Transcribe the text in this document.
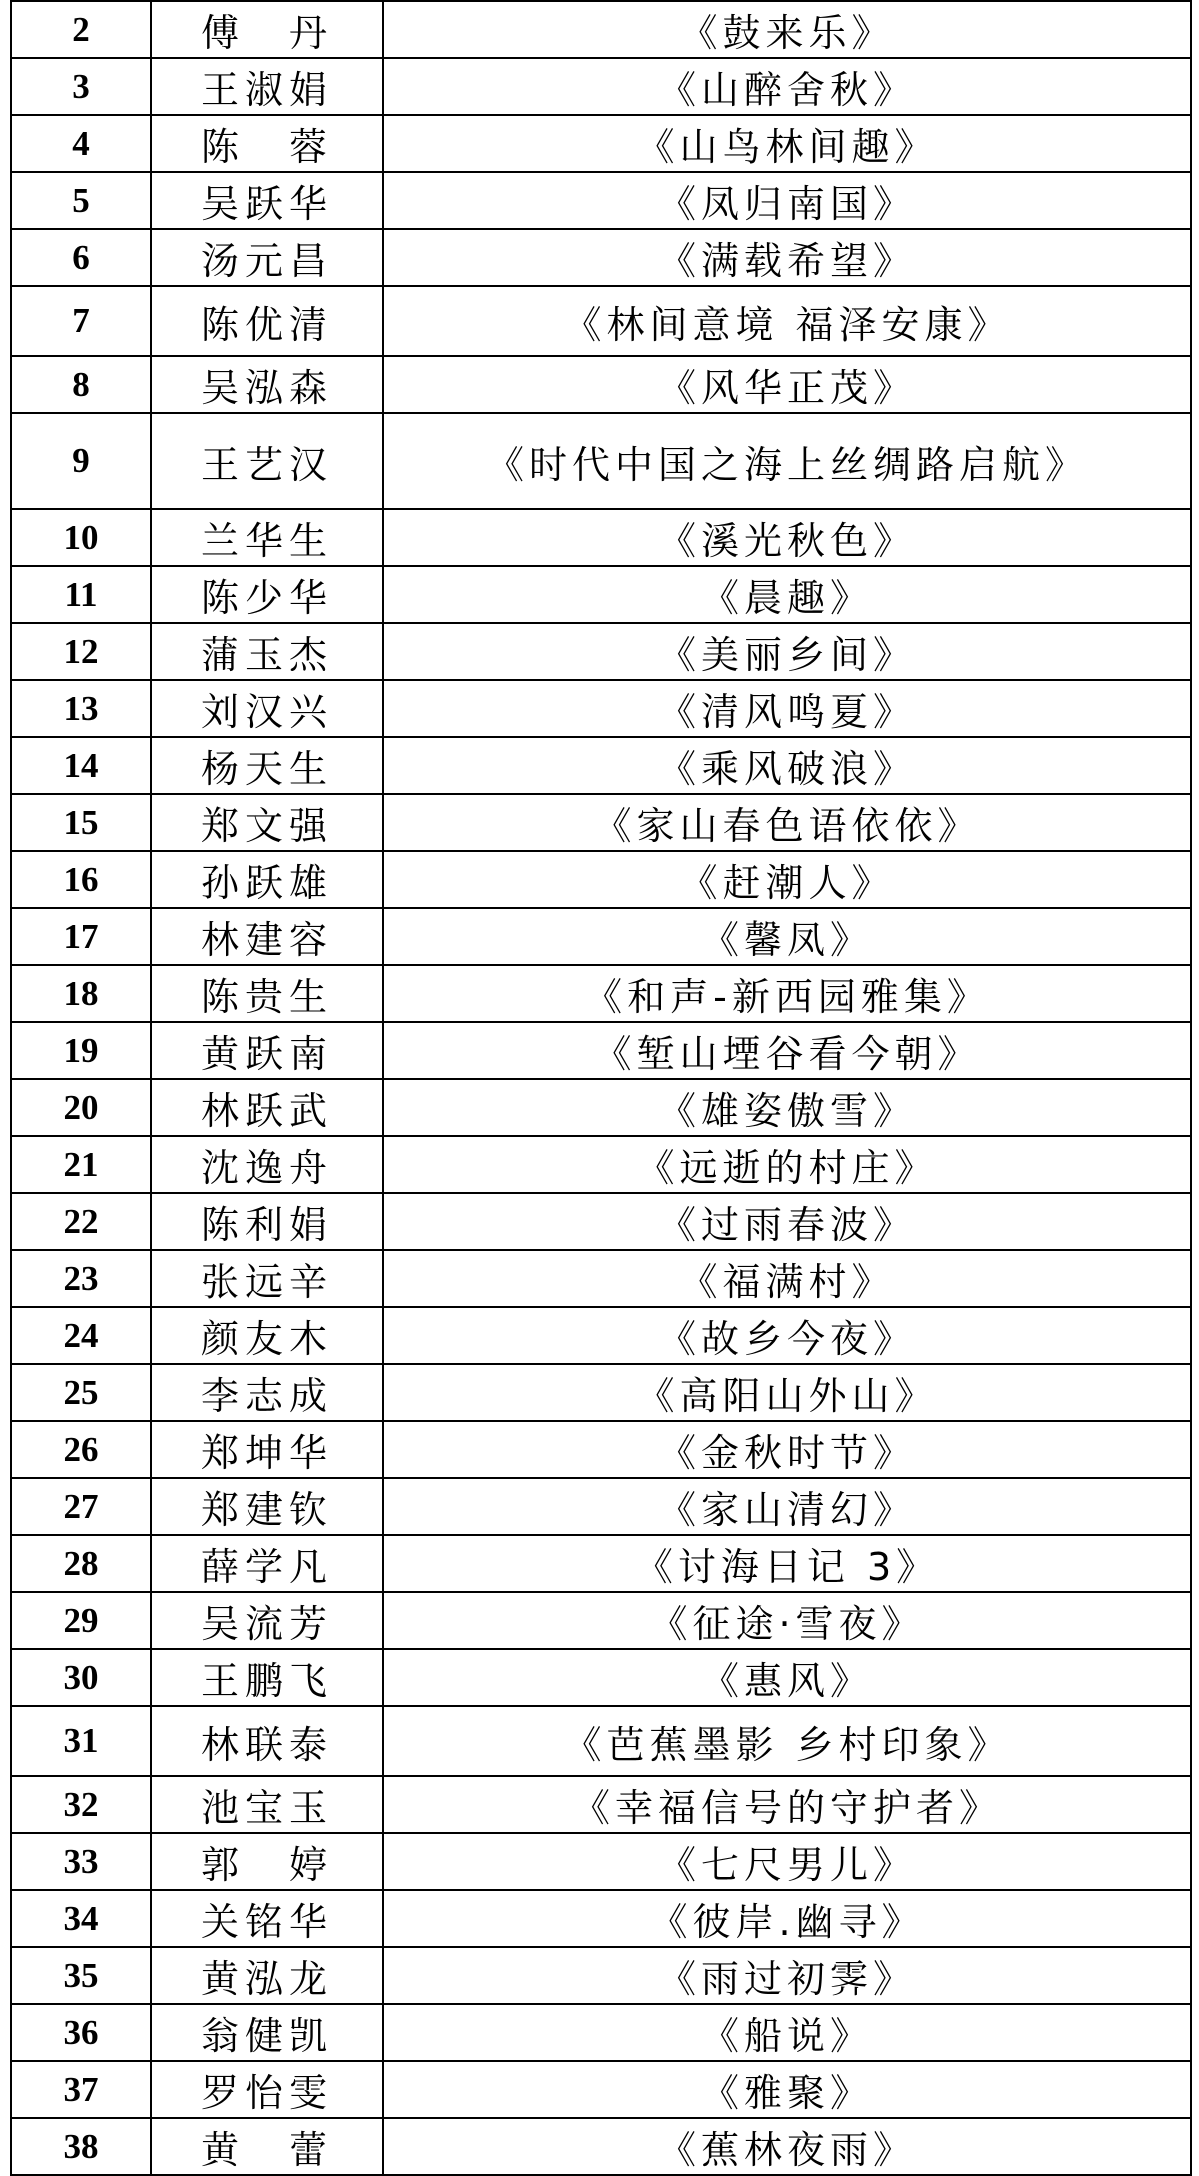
2	傅　丹	《鼓来乐》
3	王淑娟	《山醉舍秋》
4	陈　蓉	《山鸟林间趣》
5	吴跃华	《凤归南国》
6	汤元昌	《满载希望》
7	陈优清	《林间意境 福泽安康》
8	吴泓森	《风华正茂》
9	王艺汉	《时代中国之海上丝绸路启航》
10	兰华生	《溪光秋色》
11	陈少华	《晨趣》
12	蒲玉杰	《美丽乡间》
13	刘汉兴	《清风鸣夏》
14	杨天生	《乘风破浪》
15	郑文强	《家山春色语依依》
16	孙跃雄	《赶潮人》
17	林建容	《馨凤》
18	陈贵生	《和声-新西园雅集》
19	黄跃南	《堑山堙谷看今朝》
20	林跃武	《雄姿傲雪》
21	沈逸舟	《远逝的村庄》
22	陈利娟	《过雨春波》
23	张远辛	《福满村》
24	颜友木	《故乡今夜》
25	李志成	《高阳山外山》
26	郑坤华	《金秋时节》
27	郑建钦	《家山清幻》
28	薛学凡	《讨海日记 3》
29	吴流芳	《征途·雪夜》
30	王鹏飞	《惠风》
31	林联泰	《芭蕉墨影 乡村印象》
32	池宝玉	《幸福信号的守护者》
33	郭　婷	《七尺男儿》
34	关铭华	《彼岸.幽寻》
35	黄泓龙	《雨过初霁》
36	翁健凯	《船说》
37	罗怡雯	《雅聚》
38	黄　蕾	《蕉林夜雨》
